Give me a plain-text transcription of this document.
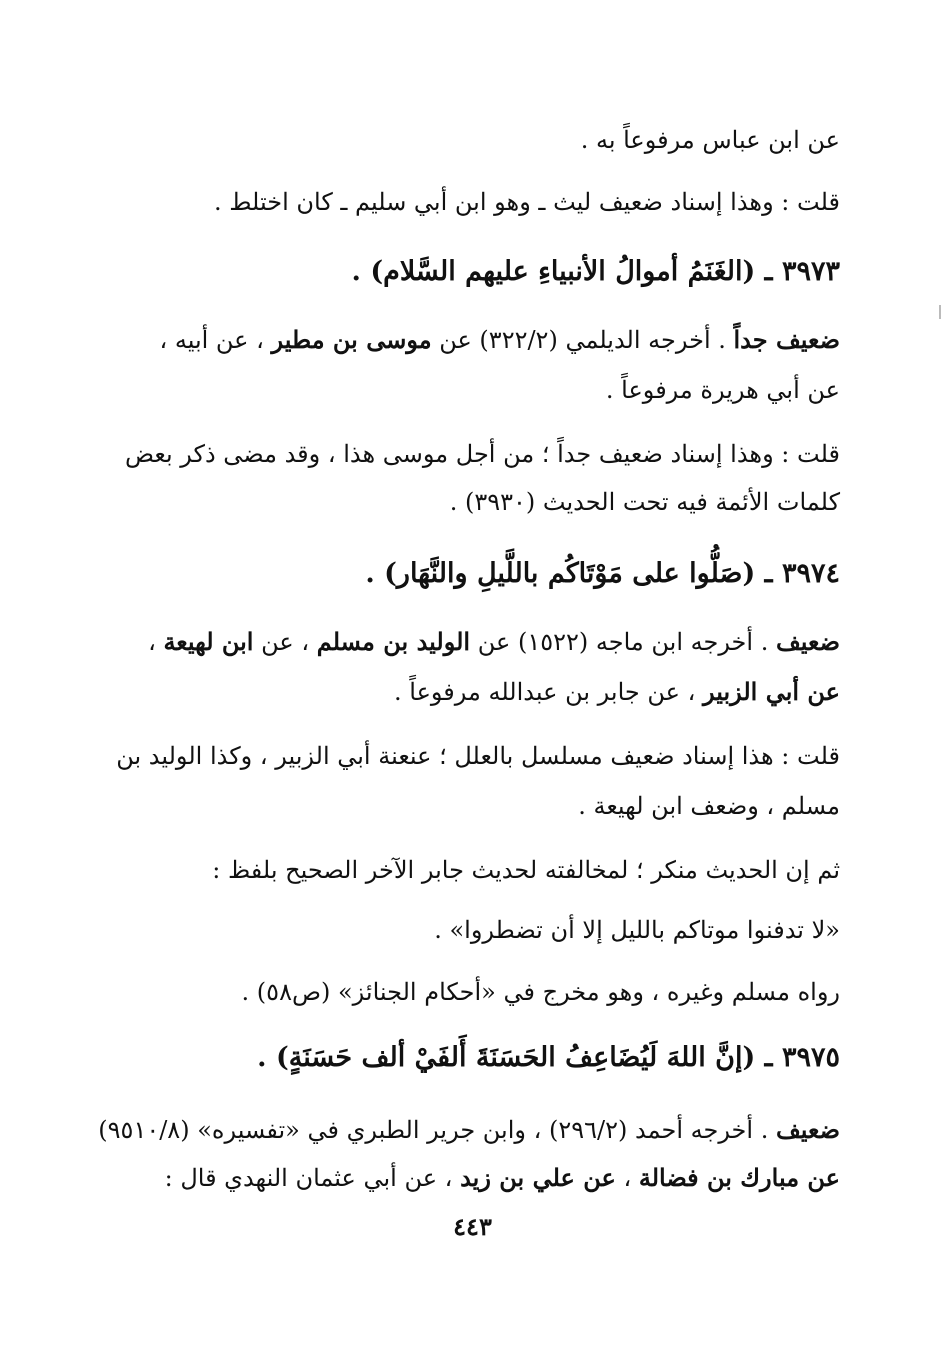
عن ابن عباس مرفوعاً به .
قلت : وهذا إسناد ضعيف ليث ـ وهو ابن أبي سليم ـ كان اختلط .
٣٩٧٣ ـ (الغَنَمُ أموالُ الأنبياءِ عليهم السَّلام) .
ضعيف جداً . أخرجه الديلمي (٣٢٢/٢) عن موسى بن مطير ، عن أبيه ،
عن أبي هريرة مرفوعاً .
قلت : وهذا إسناد ضعيف جداً ؛ من أجل موسى هذا ، وقد مضى ذكر بعض
كلمات الأئمة فيه تحت الحديث (٣٩٣٠) .
٣٩٧٤ ـ (صَلُّوا على مَوْتَاكُم باللَّيلِ والنَّهَار) .
ضعيف . أخرجه ابن ماجه (١٥٢٢) عن الوليد بن مسلم ، عن ابن لهيعة ،
عن أبي الزبير ، عن جابر بن عبدالله مرفوعاً .
قلت : هذا إسناد ضعيف مسلسل بالعلل ؛ عنعنة أبي الزبير ، وكذا الوليد بن
مسلم ، وضعف ابن لهيعة .
ثم إن الحديث منكر ؛ لمخالفته لحديث جابر الآخر الصحيح بلفظ :
«لا تدفنوا موتاكم بالليل إلا أن تضطروا» .
رواه مسلم وغيره ، وهو مخرج في «أحكام الجنائز» (ص٥٨) .
٣٩٧٥ ـ (إنَّ اللهَ لَيُضَاعِفُ الحَسَنَةَ أَلفَيْ ألف حَسَنَةٍ) .
ضعيف . أخرجه أحمد (٢٩٦/٢) ، وابن جرير الطبري في «تفسيره» (٩٥١٠/٨)
عن مبارك بن فضالة ، عن علي بن زيد ، عن أبي عثمان النهدي قال :
٤٤٣
